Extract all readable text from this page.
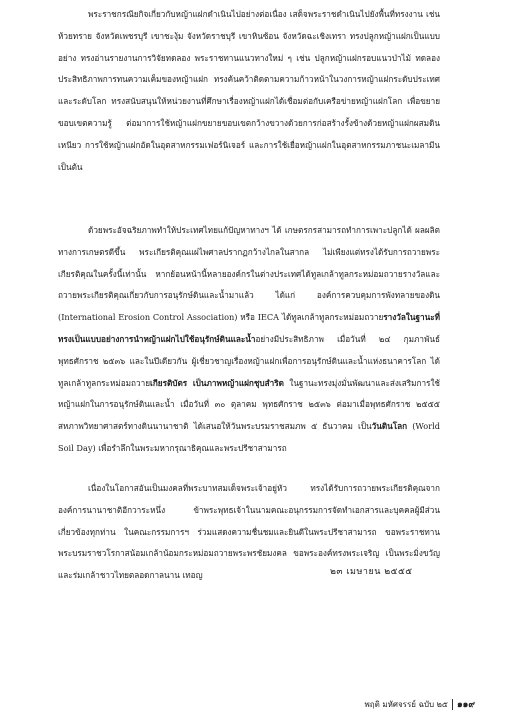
พระราชกรณียกิจเกี่ยวกับหญ้าแฝกดำเนินไปอย่างต่อเนื่อง เสด็จพระราชดำเนินไปยังพื้นที่ทรงงาน เช่น ห้วยทราย จังหวัดเพชรบุรี เขาชะงุ้ม จังหวัดราชบุรี เขาหินซ้อน จังหวัดฉะเชิงเทรา ทรงปลูกหญ้าแฝกเป็นแบบอย่าง ทรงอ่านรายงานการวิจัยทดลอง พระราชทานแนวทางใหม่ ๆ เช่น ปลูกหญ้าแฝกรอบแนวป่าไม้ ทดลองประสิทธิภาพการทนความเค็มของหญ้าแฝก ทรงค้นคว้าติดตามความก้าวหน้าในวงการหญ้าแฝกระดับประเทศและระดับโลก ทรงสนับสนุนให้หน่วยงานที่ศึกษาเรื่องหญ้าแฝกได้เชื่อมต่อกับเครือข่ายหญ้าแฝกโลก เพื่อขยายขอบเขตความรู้ ต่อมาการใช้หญ้าแฝกขยายขอบเขตกว้างขวางด้วยการก่อสร้างรั้งข้างด้วยหญ้าแฝกผสมดินเหนียว การใช้หญ้าแฝกอัดในอุตสาหกรรมเฟอร์นิเจอร์ และการใช้เยื่อหญ้าแฝกในอุตสาหกรรมภาชนะเมลามีน เป็นต้น

ด้วยพระอัจฉริยภาพทำให้ประเทศไทยแก้ปัญหาทางฯ ได้ เกษตรกรสามารถทำการเพาะปลูกได้ ผลผลิตทางการเกษตรดีขึ้น พระเกียรติคุณแผ่ไพศาลปรากฏกว้างไกลในสากล ไม่เพียงแต่ทรงได้รับการถวายพระเกียรติคุณในครั้งนี้เท่านั้น หากย้อนหน้านี้หลายองค์กรในต่างประเทศได้ทูลเกล้าทูลกระหม่อมถวายรางวัลและถวายพระเกียรติคุณเกี่ยวกับการอนุรักษ์ดินและน้ำมาแล้ว ได้แก่ องค์การควบคุมการพังทลายของดิน (International Erosion Control Association) หรือ IECA ได้ทูลเกล้าทูลกระหม่อมถวายรางวัลในฐานะที่ทรงเป็นแบบอย่างการนำหญ้าแฝกไปใช้อนุรักษ์ดินและน้ำอย่างมีประสิทธิภาพ เมื่อวันที่ ๒๔ กุมภาพันธ์ พุทธศักราช ๒๕๓๖ และในปีเดียวกัน ผู้เชี่ยวชาญเรื่องหญ้าแฝกเพื่อการอนุรักษ์ดินและน้ำแห่งธนาคารโลก ได้ทูลเกล้าทูลกระหม่อมถวายเกียรติบัตร เป็นภาพหญ้าแฝกชุบสำริด ในฐานะทรงมุ่งมั่นพัฒนาและส่งเสริมการใช้หญ้าแฝกในการอนุรักษ์ดินและน้ำ เมื่อวันที่ ๓๐ ตุลาคม พุทธศักราช ๒๕๓๖ ต่อมาเมื่อพุทธศักราช ๒๕๕๕ สหภาพวิทยาศาสตร์ทางดินนานาชาติ ได้เสนอให้วันพระบรมราชสมภพ ๕ ธันวาคม เป็นวันดินโลก (World Soil Day) เพื่อรำลึกในพระมหากรุณาธิคุณและพระปรีชาสามารถ

เนื่องในโอกาสอันเป็นมงคลที่พระบาทสมเด็จพระเจ้าอยู่หัว ทรงได้รับการถวายพระเกียรติคุณจากองค์การนานาชาติอีกวาระหนึ่ง ข้าพระพุทธเจ้าในนามคณะอนุกรรมการจัดทำเอกสารและบุคคลผู้มีส่วนเกี่ยวข้องทุกท่าน ในคณะกรรมการฯ ร่วมแสดงความชื่นชมและยินดีในพระปรีชาสามารถ ขอพระราชทานพระบรมราชวโรกาสน้อมเกล้าน้อมกระหม่อมถวายพระพรชัยมงคล ขอพระองค์ทรงพระเจริญ เป็นพระมิ่งขวัญและร่มเกล้าชาวไทยตลอดกาลนาน เทอญ	๒๓ เมษายน ๒๕๕๕
พฤติ มหัศจรรย์ ฉบับ ๒๕ ๑๑๙
